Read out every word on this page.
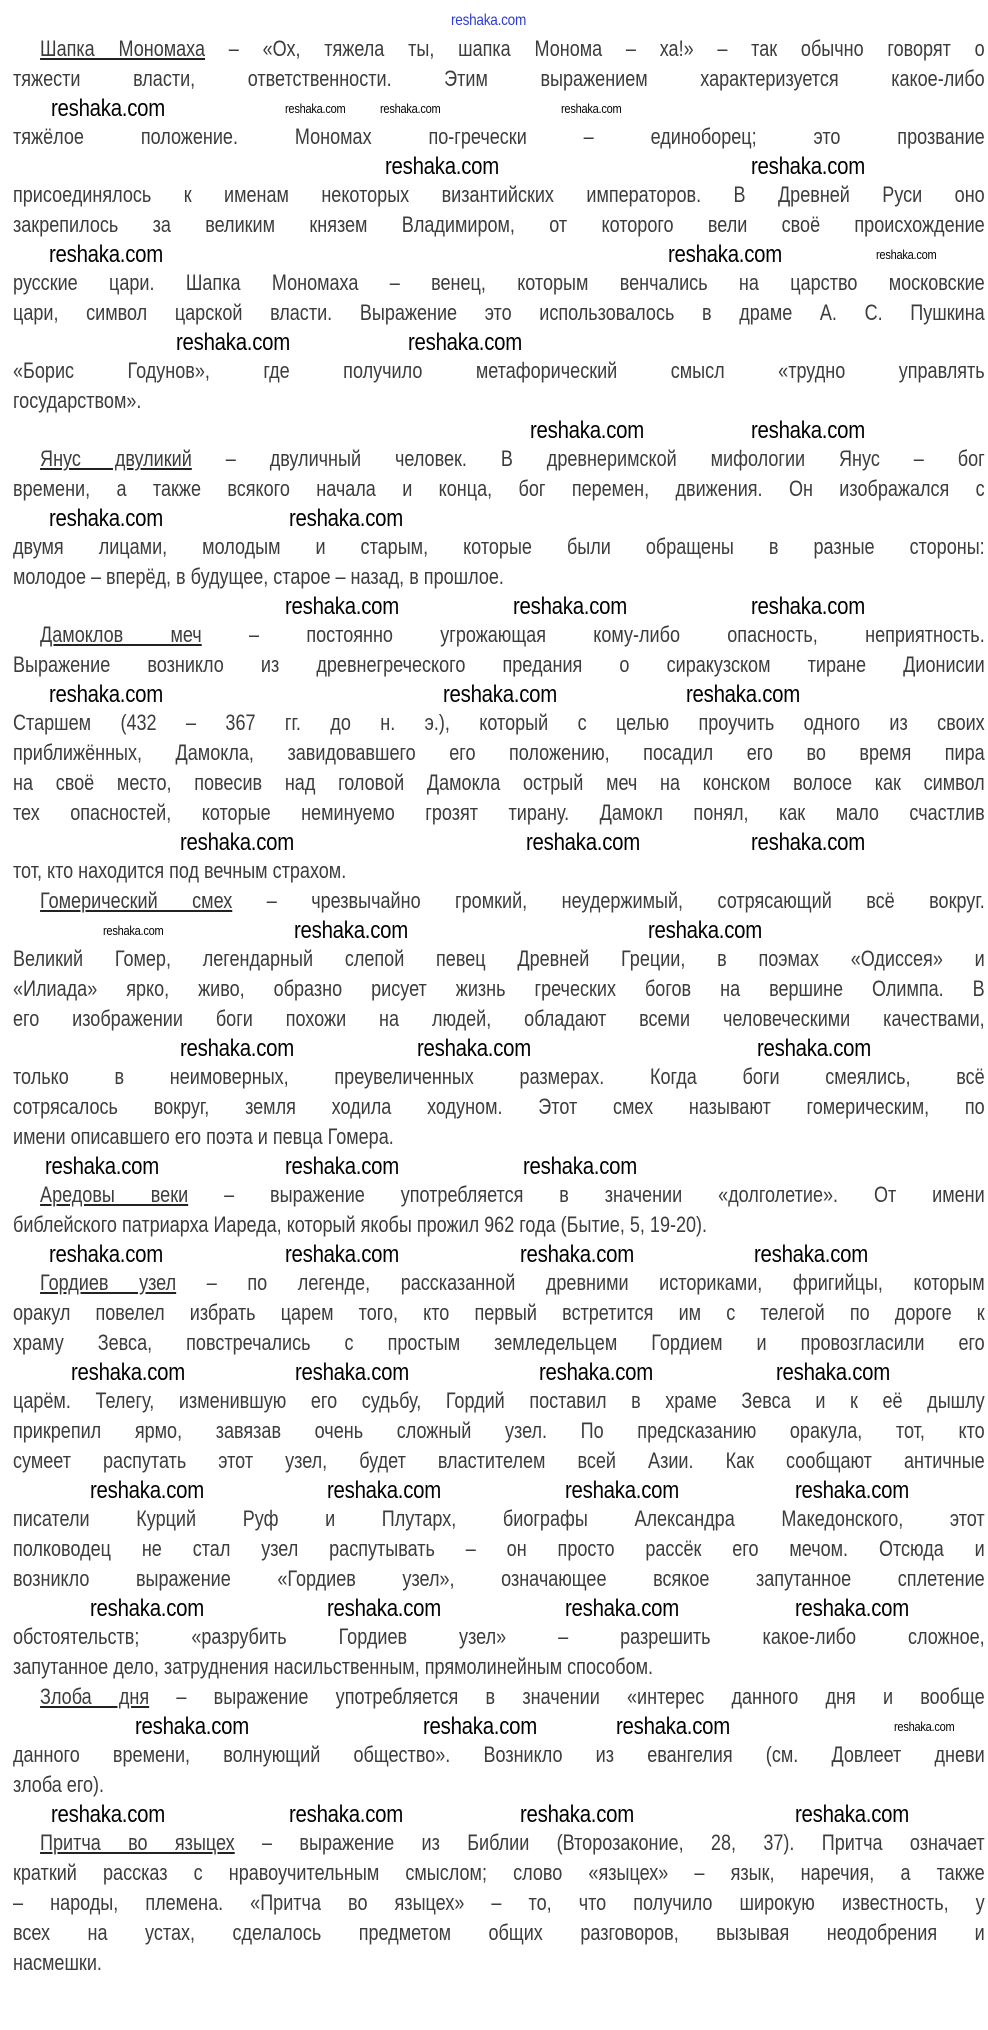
Шапка Мономаха – «Ох, тяжела ты, шапка Монома – ха!» – так обычно говорят о
тяжести власти, ответственности. Этим выражением характеризуется какое-либо
тяжёлое положение. Мономах по-гречески – единоборец; это прозвание
присоединялось к именам некоторых византийских императоров. В Древней Руси оно
закрепилось за великим князем Владимиром, от которого вели своё происхождение
русские цари. Шапка Мономаха – венец, которым венчались на царство московские
цари, символ царской власти. Выражение это использовалось в драме А. С. Пушкина
«Борис Годунов», где получило метафорический смысл «трудно управлять
государством».
Янус двуликий – двуличный человек. В древнеримской мифологии Янус – бог
времени, а также всякого начала и конца, бог перемен, движения. Он изображался с
двумя лицами, молодым и старым, которые были обращены в разные стороны:
молодое – вперёд, в будущее, старое – назад, в прошлое.
Дамоклов меч – постоянно угрожающая кому-либо опасность, неприятность.
Выражение возникло из древнегреческого предания о сиракузском тиране Дионисии
Старшем (432 – 367 гг. до н. э.), который с целью проучить одного из своих
приближённых, Дамокла, завидовавшего его положению, посадил его во время пира
на своё место, повесив над головой Дамокла острый меч на конском волосе как символ
тех опасностей, которые неминуемо грозят тирану. Дамокл понял, как мало счастлив
тот, кто находится под вечным страхом.
Гомерический смех – чрезвычайно громкий, неудержимый, сотрясающий всё вокруг.
Великий Гомер, легендарный слепой певец Древней Греции, в поэмах «Одиссея» и
«Илиада» ярко, живо, образно рисует жизнь греческих богов на вершине Олимпа. В
его изображении боги похожи на людей, обладают всеми человеческими качествами,
только в неимоверных, преувеличенных размерах. Когда боги смеялись, всё
сотрясалось вокруг, земля ходила ходуном. Этот смех называют гомерическим, по
имени описавшего его поэта и певца Гомера.
Аредовы веки – выражение употребляется в значении «долголетие». От имени
библейского патриарха Иареда, который якобы прожил 962 года (Бытие, 5, 19-20).
Гордиев узел – по легенде, рассказанной древними историками, фригийцы, которым
оракул повелел избрать царем того, кто первый встретится им с телегой по дороге к
храму Зевса, повстречались с простым земледельцем Гордием и провозгласили его
царём. Телегу, изменившую его судьбу, Гордий поставил в храме Зевса и к её дышлу
прикрепил ярмо, завязав очень сложный узел. По предсказанию оракула, тот, кто
сумеет распутать этот узел, будет властителем всей Азии. Как сообщают античные
писатели Курций Руф и Плутарх, биографы Александра Македонского, этот
полководец не стал узел распутывать – он просто рассёк его мечом. Отсюда и
возникло выражение «Гордиев узел», означающее всякое запутанное сплетение
обстоятельств; «разрубить Гордиев узел» – разрешить какое-либо сложное,
запутанное дело, затруднения насильственным, прямолинейным способом.
Злоба дня – выражение употребляется в значении «интерес данного дня и вообще
данного времени, волнующий общество». Возникло из евангелия (см. Довлеет дневи
злоба его).
Притча во языцех – выражение из Библии (Второзаконие, 28, 37). Притча означает
краткий рассказ с нравоучительным смыслом; слово «языцех» – язык, наречия, а также
– народы, племена. «Притча во языцех» – то, что получило широкую известность, у
всех на устах, сделалось предметом общих разговоров, вызывая неодобрения и
насмешки.
reshaka.com
reshaka.com	reshaka.com	reshaka.com	reshaka.com
reshaka.com	reshaka.com
reshaka.com	reshaka.com	reshaka.com
reshaka.com	reshaka.com
reshaka.com	reshaka.com
reshaka.com	reshaka.com
reshaka.com	reshaka.com	reshaka.com
reshaka.com	reshaka.com	reshaka.com
reshaka.com	reshaka.com	reshaka.com
reshaka.com	reshaka.com	reshaka.com
reshaka.com	reshaka.com	reshaka.com
reshaka.com	reshaka.com	reshaka.com
reshaka.com	reshaka.com	reshaka.com	reshaka.com
reshaka.com	reshaka.com	reshaka.com	reshaka.com
reshaka.com	reshaka.com	reshaka.com	reshaka.com
reshaka.com	reshaka.com	reshaka.com	reshaka.com
reshaka.com	reshaka.com	reshaka.com	reshaka.com
reshaka.com	reshaka.com	reshaka.com	reshaka.com
